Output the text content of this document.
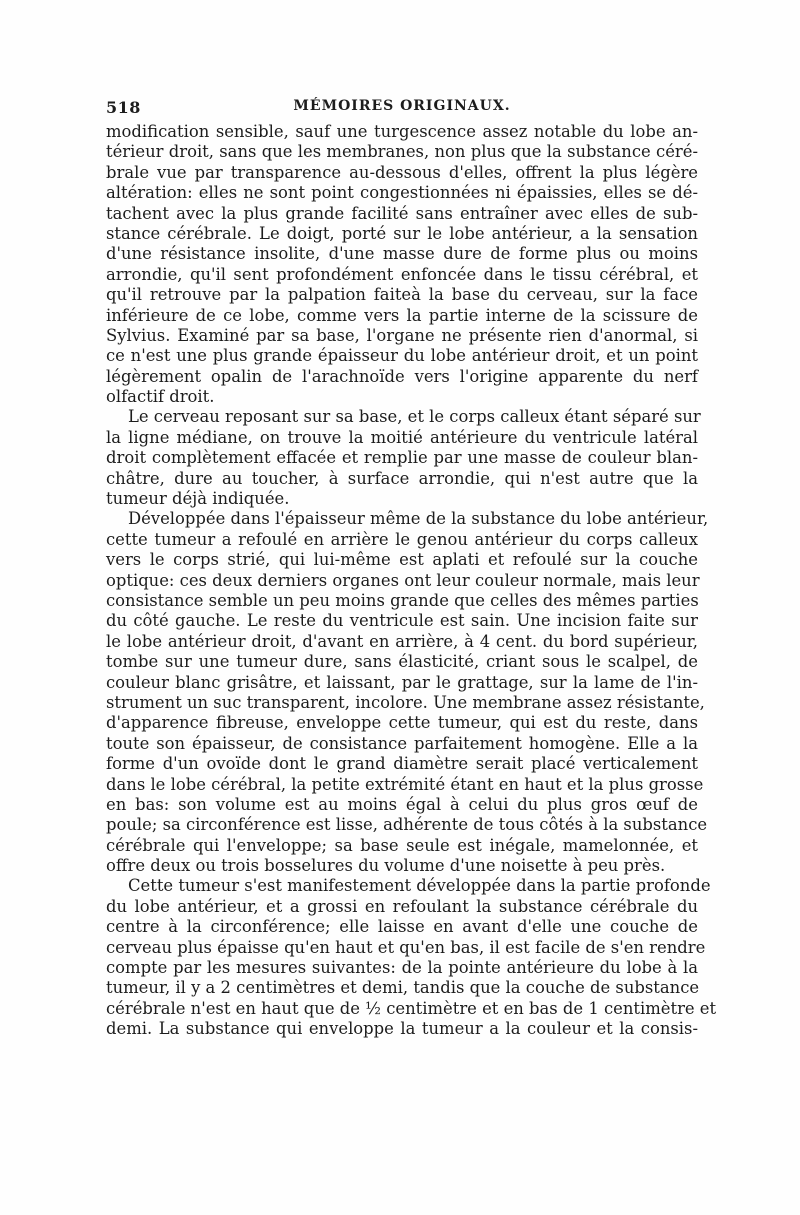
518	MÉMOIRES ORIGINAUX.
modification sensible, sauf une turgescence assez notable du lobe an-
térieur droit, sans que les membranes, non plus que la substance céré-
brale vue par transparence au-dessous d'elles, offrent la plus légère
altération: elles ne sont point congestionnées ni épaissies, elles se dé-
tachent avec la plus grande facilité sans entraîner avec elles de sub-
stance cérébrale. Le doigt, porté sur le lobe antérieur, a la sensation
d'une résistance insolite, d'une masse dure de forme plus ou moins
arrondie, qu'il sent profondément enfoncée dans le tissu cérébral, et
qu'il retrouve par la palpation faiteà la base du cerveau, sur la face
inférieure de ce lobe, comme vers la partie interne de la scissure de
Sylvius. Examiné par sa base, l'organe ne présente rien d'anormal, si
ce n'est une plus grande épaisseur du lobe antérieur droit, et un point
légèrement opalin de l'arachnoïde vers l'origine apparente du nerf
olfactif droit.
Le cerveau reposant sur sa base, et le corps calleux étant séparé sur
la ligne médiane, on trouve la moitié antérieure du ventricule latéral
droit complètement effacée et remplie par une masse de couleur blan-
châtre, dure au toucher, à surface arrondie, qui n'est autre que la
tumeur déjà indiquée.
Développée dans l'épaisseur même de la substance du lobe antérieur,
cette tumeur a refoulé en arrière le genou antérieur du corps calleux
vers le corps strié, qui lui-même est aplati et refoulé sur la couche
optique: ces deux derniers organes ont leur couleur normale, mais leur
consistance semble un peu moins grande que celles des mêmes parties
du côté gauche. Le reste du ventricule est sain. Une incision faite sur
le lobe antérieur droit, d'avant en arrière, à 4 cent. du bord supérieur,
tombe sur une tumeur dure, sans élasticité, criant sous le scalpel, de
couleur blanc grisâtre, et laissant, par le grattage, sur la lame de l'in-
strument un suc transparent, incolore. Une membrane assez résistante,
d'apparence fibreuse, enveloppe cette tumeur, qui est du reste, dans
toute son épaisseur, de consistance parfaitement homogène. Elle a la
forme d'un ovoïde dont le grand diamètre serait placé verticalement
dans le lobe cérébral, la petite extrémité étant en haut et la plus grosse
en bas: son volume est au moins égal à celui du plus gros œuf de
poule; sa circonférence est lisse, adhérente de tous côtés à la substance
cérébrale qui l'enveloppe; sa base seule est inégale, mamelonnée, et
offre deux ou trois bosselures du volume d'une noisette à peu près.
Cette tumeur s'est manifestement développée dans la partie profonde
du lobe antérieur, et a grossi en refoulant la substance cérébrale du
centre à la circonférence; elle laisse en avant d'elle une couche de
cerveau plus épaisse qu'en haut et qu'en bas, il est facile de s'en rendre
compte par les mesures suivantes: de la pointe antérieure du lobe à la
tumeur, il y a 2 centimètres et demi, tandis que la couche de substance
cérébrale n'est en haut que de ½ centimètre et en bas de 1 centimètre et
demi. La substance qui enveloppe la tumeur a la couleur et la consis-
